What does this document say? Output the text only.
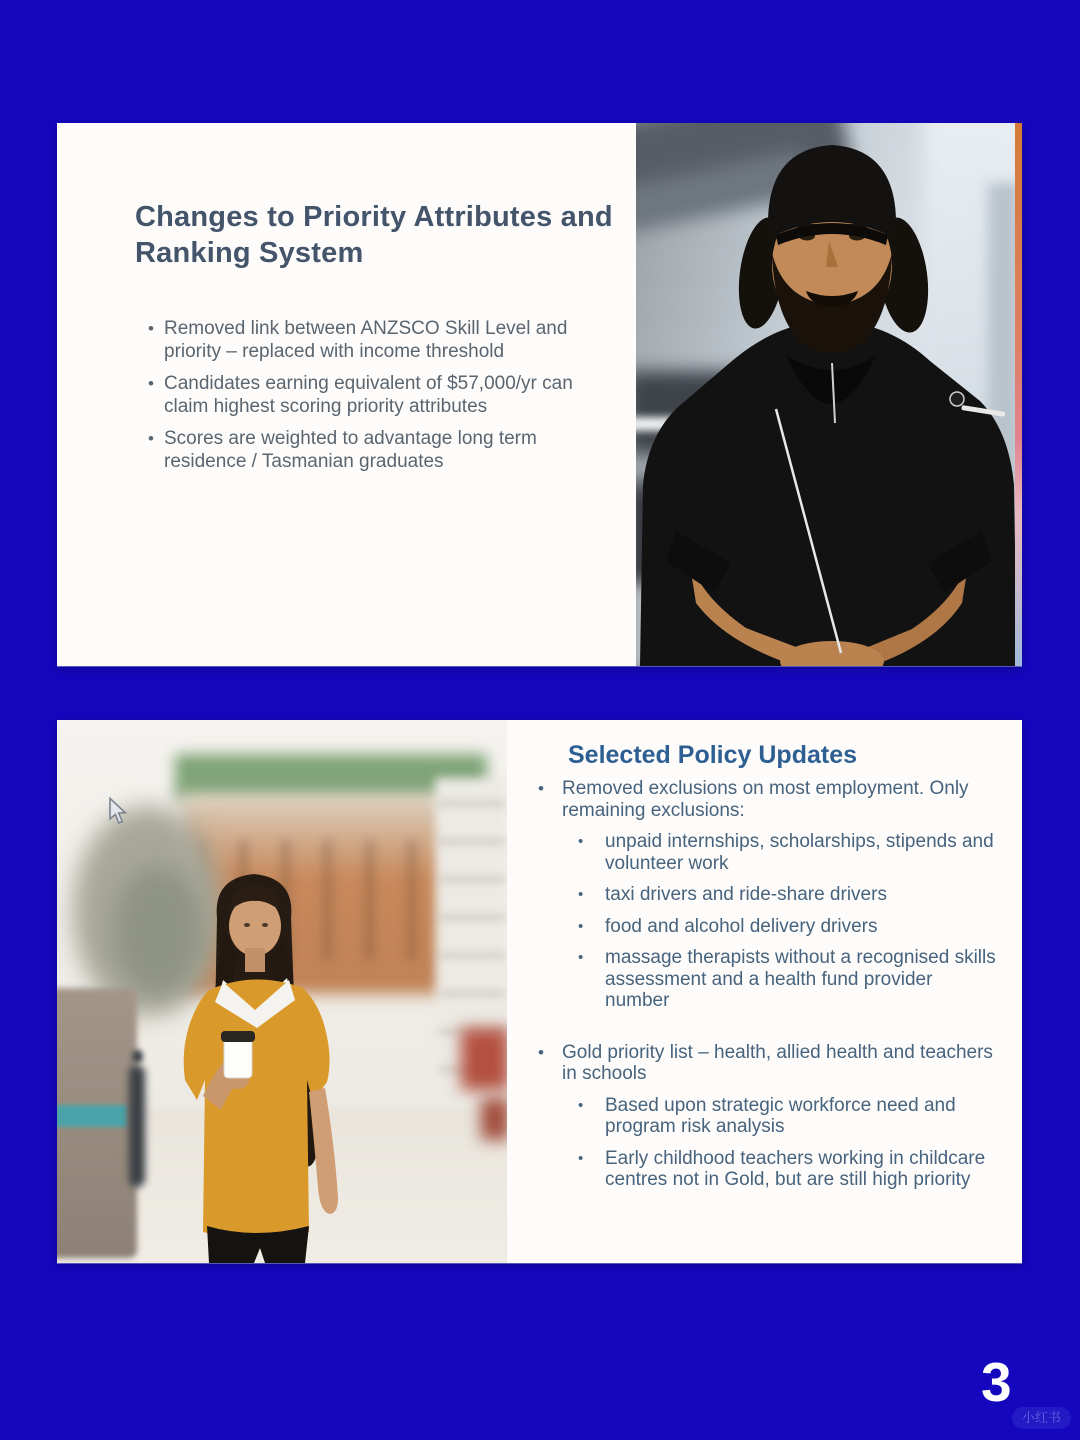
Changes to Priority Attributes and Ranking System
• Removed link between ANZSCO Skill Level and priority – replaced with income threshold
• Candidates earning equivalent of $57,000/yr can claim highest scoring priority attributes
• Scores are weighted to advantage long term residence / Tasmanian graduates
Selected Policy Updates
• Removed exclusions on most employment. Only remaining exclusions:
• unpaid internships, scholarships, stipends and volunteer work
• taxi drivers and ride-share drivers
• food and alcohol delivery drivers
• massage therapists without a recognised skills assessment and a health fund provider number
• Gold priority list – health, allied health and teachers in schools
• Based upon strategic workforce need and program risk analysis
• Early childhood teachers working in childcare centres not in Gold, but are still high priority
3
小红书
